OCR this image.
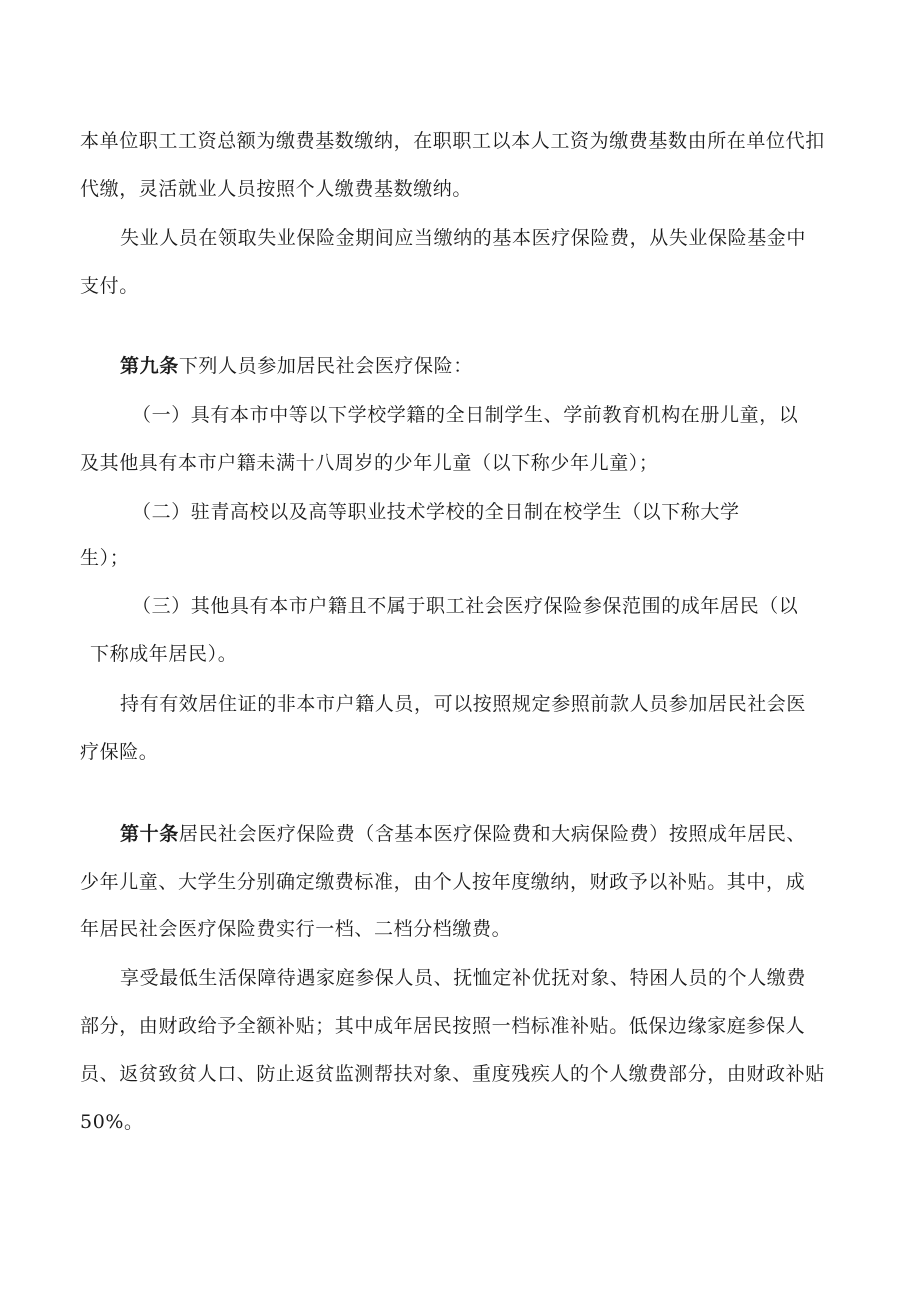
本单位职工工资总额为缴费基数缴纳，在职职工以本人工资为缴费基数由所在单位代扣
代缴，灵活就业人员按照个人缴费基数缴纳。
失业人员在领取失业保险金期间应当缴纳的基本医疗保险费，从失业保险基金中
支付。
第九条下列人员参加居民社会医疗保险：
（一）具有本市中等以下学校学籍的全日制学生、学前教育机构在册儿童，以
及其他具有本市户籍未满十八周岁的少年儿童（以下称少年儿童）；
（二）驻青高校以及高等职业技术学校的全日制在校学生（以下称大学
生）；
（三）其他具有本市户籍且不属于职工社会医疗保险参保范围的成年居民（以
下称成年居民）。
持有有效居住证的非本市户籍人员，可以按照规定参照前款人员参加居民社会医
疗保险。
第十条居民社会医疗保险费（含基本医疗保险费和大病保险费）按照成年居民、
少年儿童、大学生分别确定缴费标准，由个人按年度缴纳，财政予以补贴。其中，成
年居民社会医疗保险费实行一档、二档分档缴费。
享受最低生活保障待遇家庭参保人员、抚恤定补优抚对象、特困人员的个人缴费
部分，由财政给予全额补贴；其中成年居民按照一档标准补贴。低保边缘家庭参保人
员、返贫致贫人口、防止返贫监测帮扶对象、重度残疾人的个人缴费部分，由财政补贴
50%。
